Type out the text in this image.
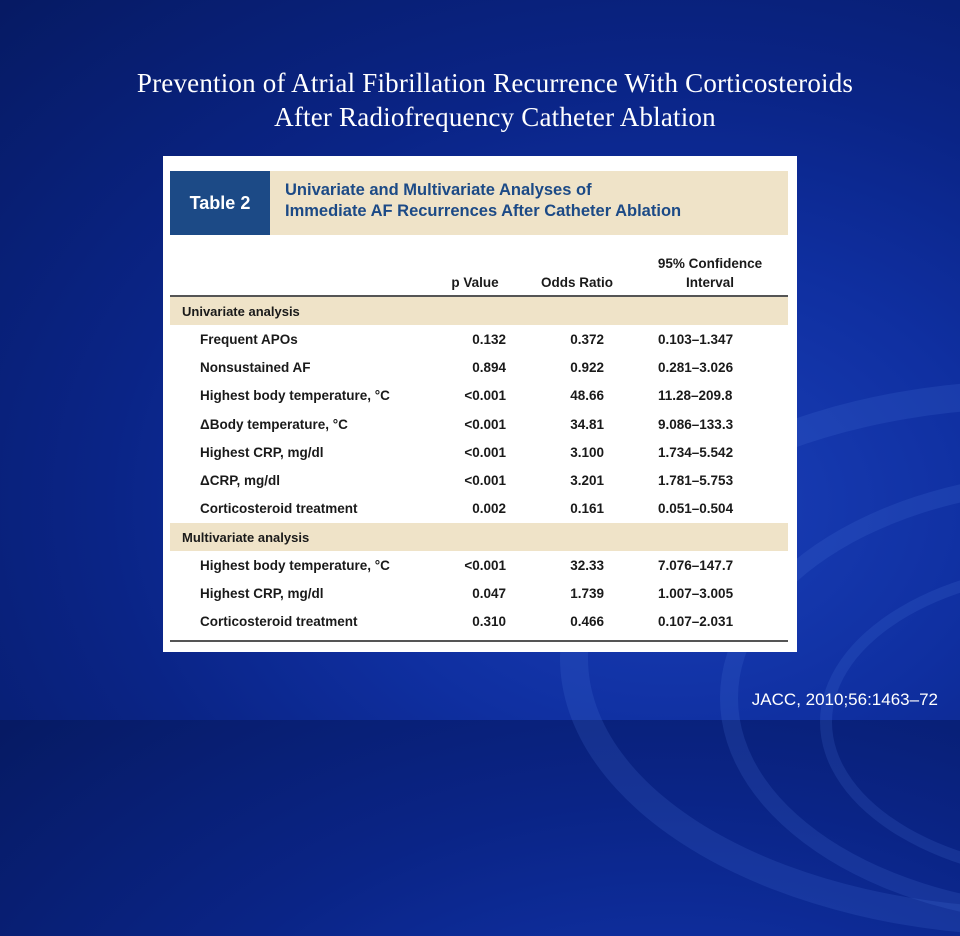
Prevention of Atrial Fibrillation Recurrence With Corticosteroids
After Radiofrequency Catheter Ablation
Table 2
Univariate and Multivariate Analyses of
Immediate AF Recurrences After Catheter Ablation
p Value	Odds Ratio
95% Confidence
Interval
Univariate analysis
Frequent APOs	0.132	0.372	0.103–1.347
Nonsustained AF	0.894	0.922	0.281–3.026
Highest body temperature, °C	<0.001	48.66	11.28–209.8
ΔBody temperature, °C	<0.001	34.81	9.086–133.3
Highest CRP, mg/dl	<0.001	3.100	1.734–5.542
ΔCRP, mg/dl	<0.001	3.201	1.781–5.753
Corticosteroid treatment	0.002	0.161	0.051–0.504
Multivariate analysis
Highest body temperature, °C	<0.001	32.33	7.076–147.7
Highest CRP, mg/dl	0.047	1.739	1.007–3.005
Corticosteroid treatment	0.310	0.466	0.107–2.031
JACC, 2010;56:1463–72
